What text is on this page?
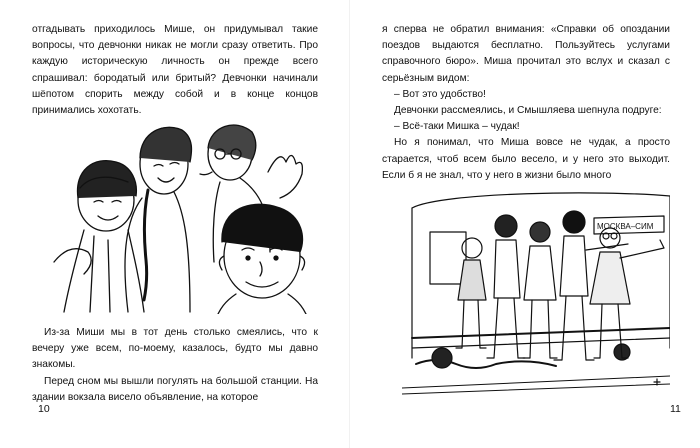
отгадывать приходилось Мише, он придумывал такие вопросы, что девчонки никак не могли сразу ответить. Про каждую историческую личность он прежде всего спрашивал: бородатый или бритый? Девчонки начинали шёпотом спорить между собой и в конце концов принимались хохотать.

Из-за Миши мы в тот день столько смеялись, что к вечеру уже всем, по-моему, казалось, будто мы давно знакомы.

Перед сном мы вышли погулять на большой станции. На здании вокзала висело объявление, на которое

10

я сперва не обратил внимания: «Справки об опоздании поездов выдаются бесплатно. Пользуйтесь услугами справочного бюро». Миша прочитал это вслух и сказал с серьёзным видом:

– Вот это удобство!

Девчонки рассмеялись, и Смышляева шепнула подруге:

– Всё-таки Мишка – чудак!

Но я понимал, что Миша вовсе не чудак, а просто старается, чтоб всем было весело, и у него это выходит. Если б я не знал, что у него в жизни было много

МОСКВА–СИМ
11
